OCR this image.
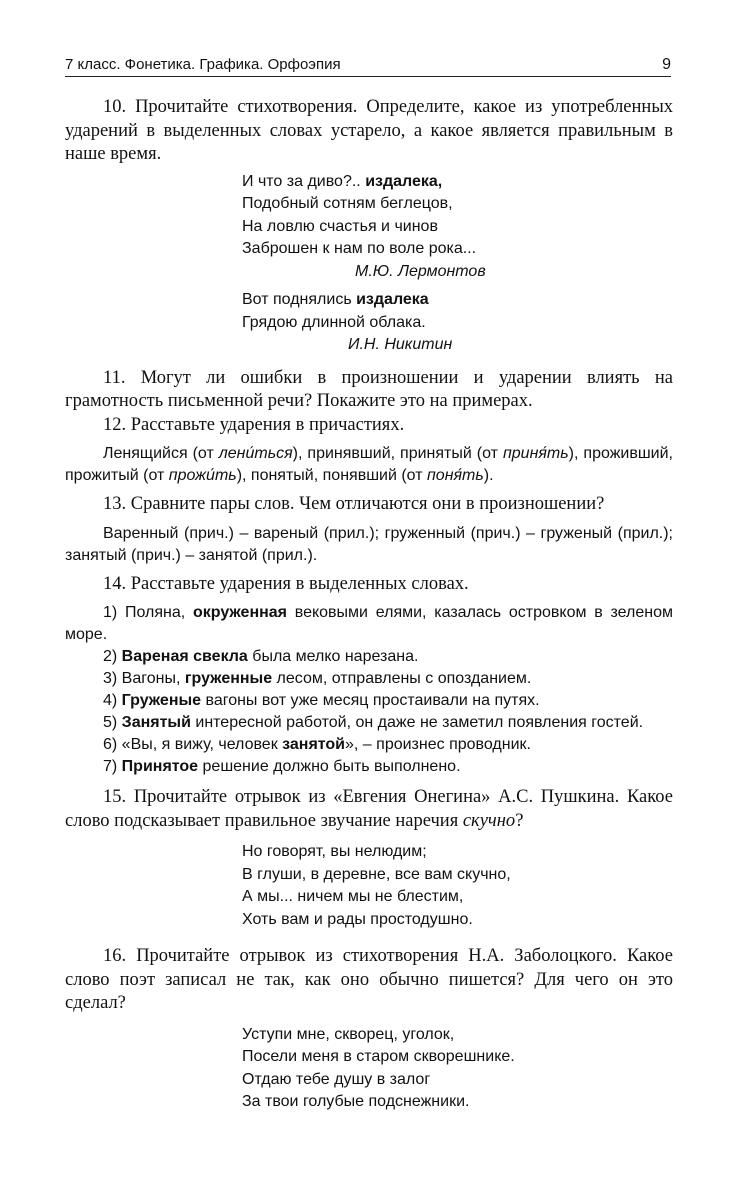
7 класс. Фонетика. Графика. Орфоэпия	9

10. Прочитайте стихотворения. Определите, какое из употребленных ударений в выделенных словах устарело, а какое является правильным в наше время.

И что за диво?.. издалека,
Подобный сотням беглецов,
На ловлю счастья и чинов
Заброшен к нам по воле рока...
М.Ю. Лермонтов
Вот поднялись издалека
Грядою длинной облака.
И.Н. Никитин

11. Могут ли ошибки в произношении и ударении влиять на грамотность письменной речи? Покажите это на примерах.

12. Расставьте ударения в причастиях.

Ленящийся (от лени́ться), принявший, принятый (от приня́ть), проживший, прожитый (от прожи́ть), понятый, понявший (от поня́ть).

13. Сравните пары слов. Чем отличаются они в произношении?

Варенный (прич.) – вареный (прил.); груженный (прич.) – груженый (прил.); занятый (прич.) – занятой (прил.).

14. Расставьте ударения в выделенных словах.

1) Поляна, окруженная вековыми елями, казалась островком в зеленом море.

2) Вареная свекла была мелко нарезана.

3) Вагоны, груженные лесом, отправлены с опозданием.

4) Груженые вагоны вот уже месяц простаивали на путях.

5) Занятый интересной работой, он даже не заметил появления гостей.

6) «Вы, я вижу, человек занятой», – произнес проводник.

7) Принятое решение должно быть выполнено.

15. Прочитайте отрывок из «Евгения Онегина» А.С. Пушкина. Какое слово подсказывает правильное звучание наречия скучно?

Но говорят, вы нелюдим;
В глуши, в деревне, все вам скучно,
А мы... ничем мы не блестим,
Хоть вам и рады простодушно.

16. Прочитайте отрывок из стихотворения Н.А. Заболоцкого. Какое слово поэт записал не так, как оно обычно пишется? Для чего он это сделал?

Уступи мне, скворец, уголок,
Посели меня в старом скворешнике.
Отдаю тебе душу в залог
За твои голубые подснежники.
